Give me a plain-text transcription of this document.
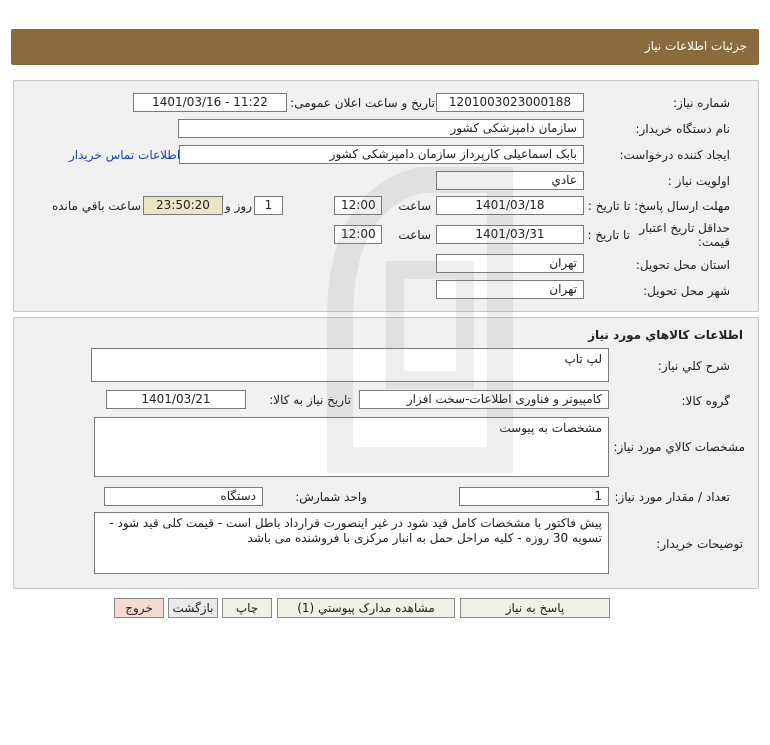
جزئیات اطلاعات نیاز
شماره نیاز:
1201003023000188
تاریخ و ساعت اعلان عمومی:
1401/03/16 - 11:22
نام دستگاه خریدار:
سازمان دامپزشکی کشور
ایجاد کننده درخواست:
بابک اسماعیلی کارپرداز سازمان دامپزشکی کشور
اطلاعات تماس خریدار
اولویت نیاز :
عادي
مهلت ارسال پاسخ: تا تاریخ :
1401/03/18
ساعت
12:00
1
روز و
23:50:20
ساعت باقي مانده
حداقل تاریخ اعتبار قیمت:
تا تاریخ :
1401/03/31
ساعت
12:00
استان محل تحویل:
تهران
شهر محل تحویل:
تهران
اطلاعات کالاهاي مورد نياز
شرح کلي نياز:
لپ تاپ
گروه کالا:
کامپیوتر و فناوری اطلاعات-سخت افزار
تاریخ نیاز به کالا:
1401/03/21
مشخصات کالاي مورد نياز:
مشخصات به پیوست
تعداد / مقدار مورد نیاز:
1
واحد شمارش:
دستگاه
توضیحات خریدار:
پیش فاکتور با مشخصات کامل قید شود در غیر اینصورت قرارداد باطل است - قیمت کلی قید شود - تسویه 30 روزه - کلیه مراحل حمل به انبار مرکزی با فروشنده می باشد
پاسخ به نياز
مشاهده مدارک پیوستي (1)
چاپ
بازگشت
خروج
